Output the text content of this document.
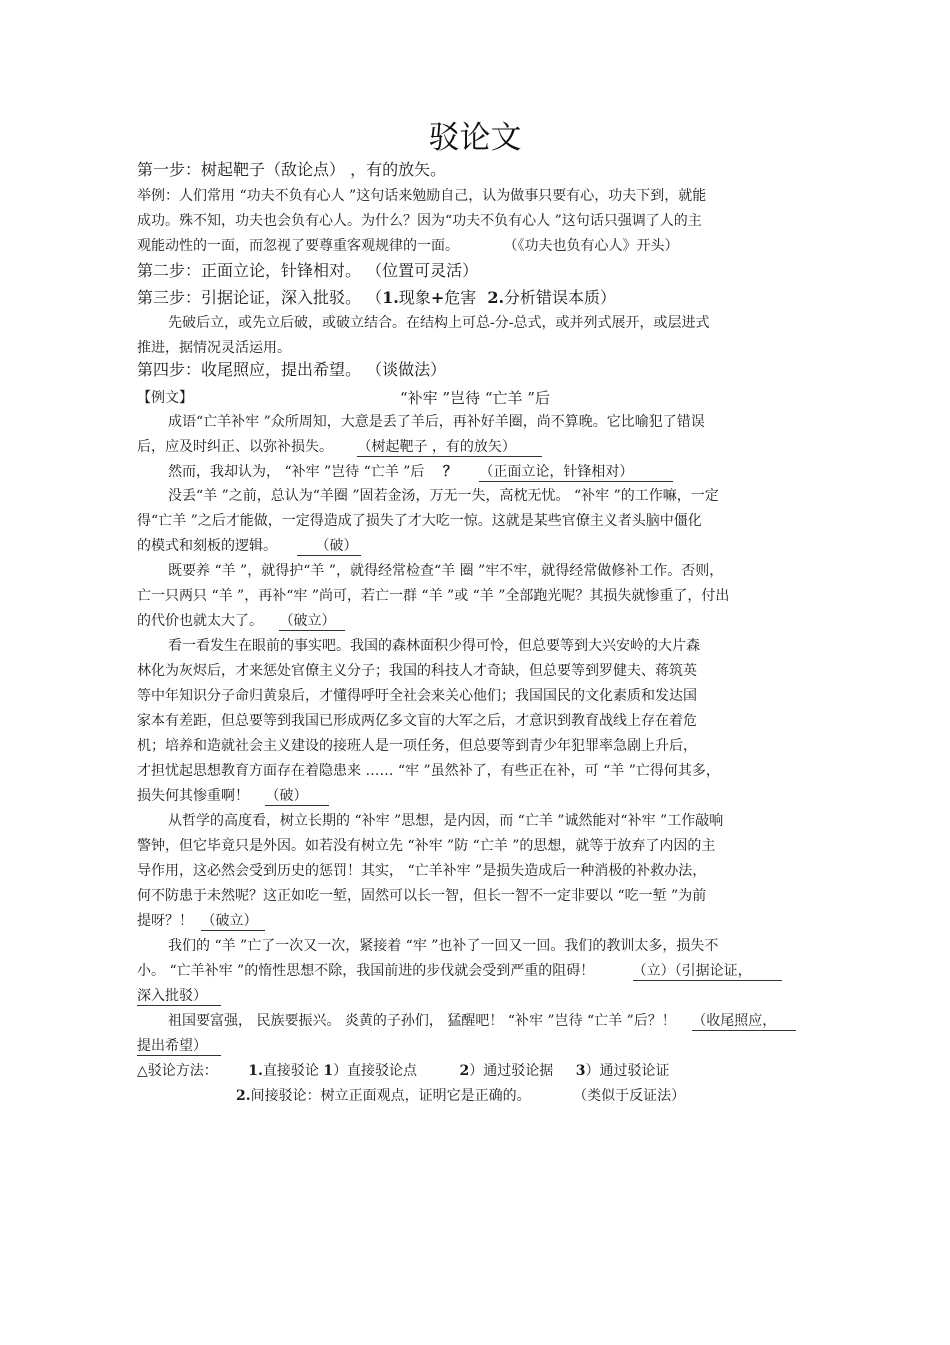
驳论文
第一步：树起靶子（敌论点） ，有的放矢。
举例：人们常用 “功夫不负有心人 ”这句话来勉励自己，认为做事只要有心，功夫下到，就能
成功。殊不知，功夫也会负有心人。为什么？因为“功夫不负有心人 ”这句话只强调了人的主
观能动性的一面，而忽视了要尊重客观规律的一面。	（《功夫也负有心人》开头）
第二步：正面立论，针锋相对。 （位置可灵活）
第三步：引据论证，深入批驳。 （1.现象+危害 2.分析错误本质）
先破后立，或先立后破，或破立结合。在结构上可总-分-总式，或并列式展开，或层进式
推进，据情况灵活运用。
第四步：收尾照应，提出希望。 （谈做法）
【例文】	“补牢 ”岂待 “亡羊 ”后
成语“亡羊补牢 ”众所周知，大意是丢了羊后，再补好羊圈，尚不算晚。它比喻犯了错误
后，应及时纠正、以弥补损失。 （树起靶子 ，有的放矢）
然而，我却认为， “补牢 ”岂待 “亡羊 ”后 ？ （正面立论，针锋相对）
没丢“羊 ”之前，总认为“羊圈 ”固若金汤，万无一失，高枕无忧。 “补牢 ”的工作嘛，一定
得“亡羊 ”之后才能做，一定得造成了损失了才大吃一惊。这就是某些官僚主义者头脑中僵化
的模式和刻板的逻辑。	（破）
既要养 “羊 ”，就得护“羊 ”，就得经常检查“羊 圈 ”牢不牢，就得经常做修补工作。否则，
亡一只两只 “羊 ”，再补“牢 ”尚可，若亡一群 “羊 ”或 “羊 ”全部跑光呢？其损失就惨重了，付出
的代价也就太大了。 （破立）
看一看发生在眼前的事实吧。我国的森林面积少得可怜，但总要等到大兴安岭的大片森
林化为灰烬后，才来惩处官僚主义分子；我国的科技人才奇缺，但总要等到罗健夫、蒋筑英
等中年知识分子命归黄泉后，才懂得呼吁全社会来关心他们；我国国民的文化素质和发达国
家本有差距，但总要等到我国已形成两亿多文盲的大军之后，才意识到教育战线上存在着危
机；培养和造就社会主义建设的接班人是一项任务，但总要等到青少年犯罪率急剧上升后，
才担忧起思想教育方面存在着隐患来 …… “牢 ”虽然补了，有些正在补，可 “羊 ”亡得何其多，
损失何其惨重啊！ （破）
从哲学的高度看，树立长期的 “补牢 ”思想，是内因，而 “亡羊 ”诚然能对“补牢 ”工作敲响
警钟，但它毕竟只是外因。如若没有树立先 “补牢 ”防 “亡羊 ”的思想，就等于放弃了内因的主
导作用，这必然会受到历史的惩罚！其实， “亡羊补牢 ”是损失造成后一种消极的补救办法，
何不防患于未然呢？这正如吃一堑，固然可以长一智，但长一智不一定非要以 “吃一堑 ”为前
提呀？！ （破立）
我们的 “羊 ”亡了一次又一次，紧接着 “牢 ”也补了一回又一回。我们的教训太多，损失不
小。 “亡羊补牢 ”的惰性思想不除，我国前进的步伐就会受到严重的阻碍！	（立）（引据论证，
深入批驳）
祖国要富强， 民族要振兴。 炎黄的子孙们， 猛醒吧！ “补牢 ”岂待 “亡羊 ”后？！ （收尾照应，
提出希望）
△驳论方法： 1.直接驳论 1）直接驳论点	2）通过驳论据 3）通过驳论证
2.间接驳论：树立正面观点，证明它是正确的。	（类似于反证法）
